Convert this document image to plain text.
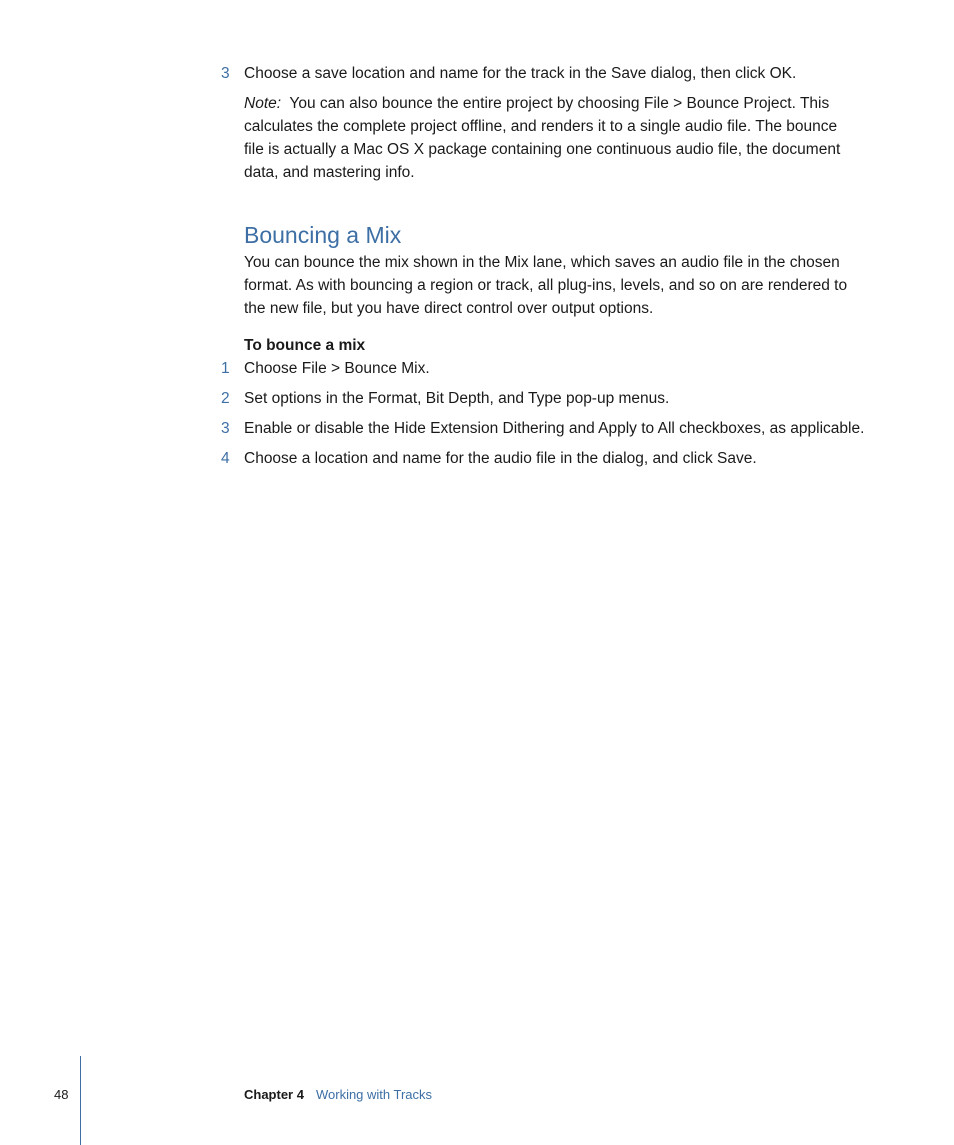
3 Choose a save location and name for the track in the Save dialog, then click OK.
Note: You can also bounce the entire project by choosing File > Bounce Project. This
calculates the complete project offline, and renders it to a single audio file. The bounce
file is actually a Mac OS X package containing one continuous audio file, the document
data, and mastering info.
Bouncing a Mix
You can bounce the mix shown in the Mix lane, which saves an audio file in the chosen
format. As with bouncing a region or track, all plug-ins, levels, and so on are rendered to
the new file, but you have direct control over output options.
To bounce a mix
1 Choose File > Bounce Mix.
2 Set options in the Format, Bit Depth, and Type pop-up menus.
3 Enable or disable the Hide Extension Dithering and Apply to All checkboxes, as applicable.
4 Choose a location and name for the audio file in the dialog, and click Save.
48	Chapter 4 Working with Tracks
